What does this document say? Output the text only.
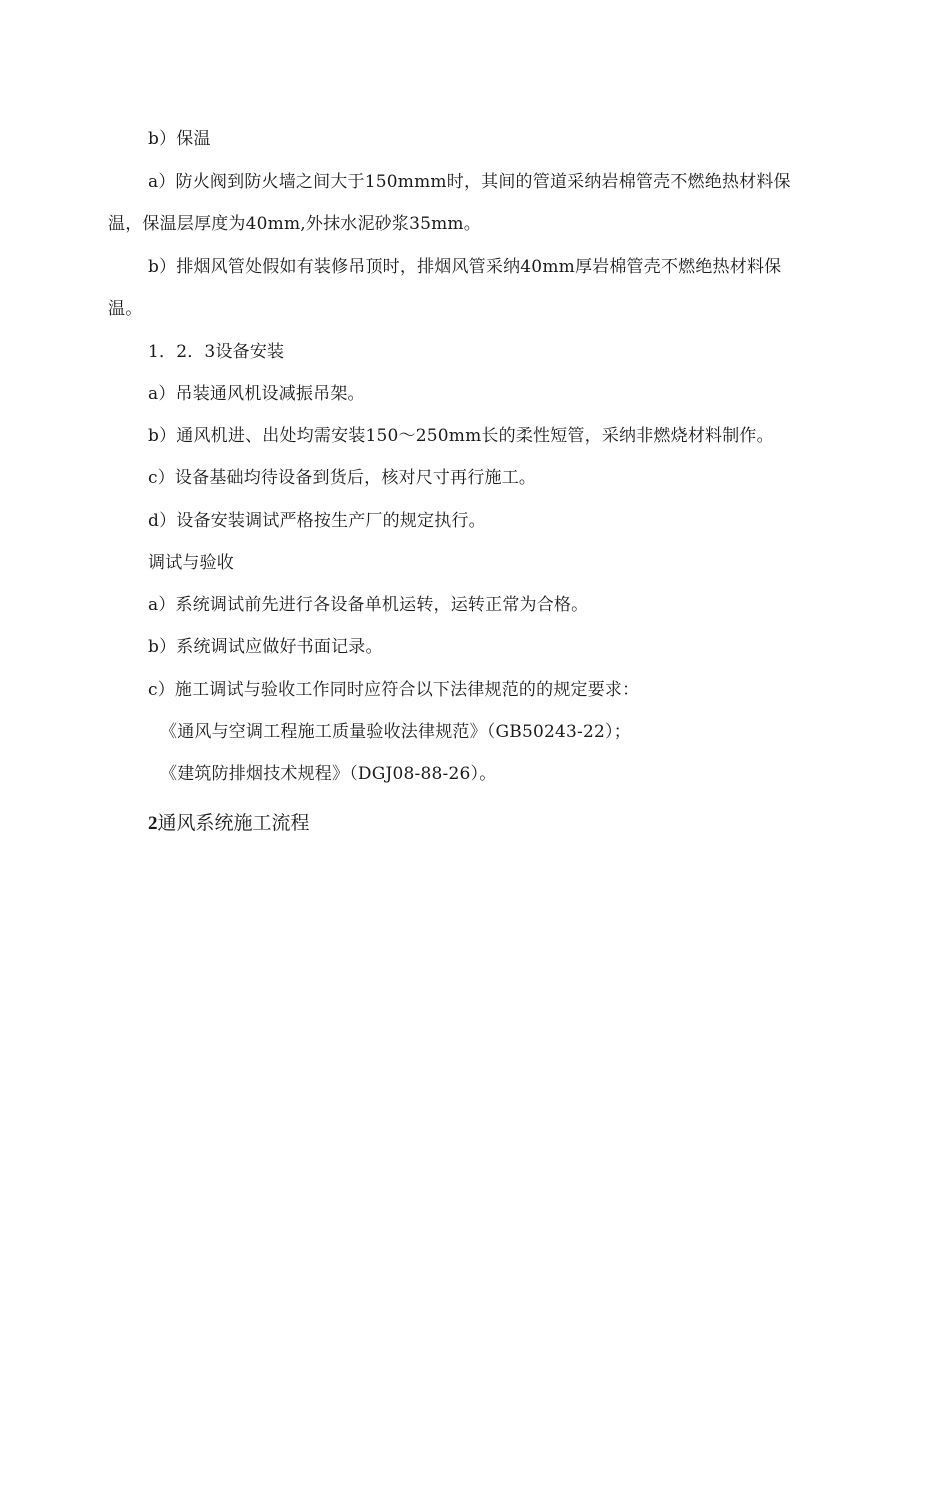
b）保温
a）防火阀到防火墙之间大于150mmm时，其间的管道采纳岩棉管壳不燃绝热材料保
温，保温层厚度为40mm,外抹水泥砂浆35mm。
b）排烟风管处假如有装修吊顶时，排烟风管采纳40mm厚岩棉管壳不燃绝热材料保
温。
1．2．3设备安装
a）吊装通风机设减振吊架。
b）通风机进、出处均需安装150〜250mm长的柔性短管，采纳非燃烧材料制作。
c）设备基础均待设备到货后，核对尺寸再行施工。
d）设备安装调试严格按生产厂的规定执行。
调试与验收
a）系统调试前先进行各设备单机运转，运转正常为合格。
b）系统调试应做好书面记录。
c）施工调试与验收工作同时应符合以下法律规范的的规定要求：
《通风与空调工程施工质量验收法律规范》（GB50243-22）；
《建筑防排烟技术规程》（DGJ08-88-26）。
2通风系统施工流程
